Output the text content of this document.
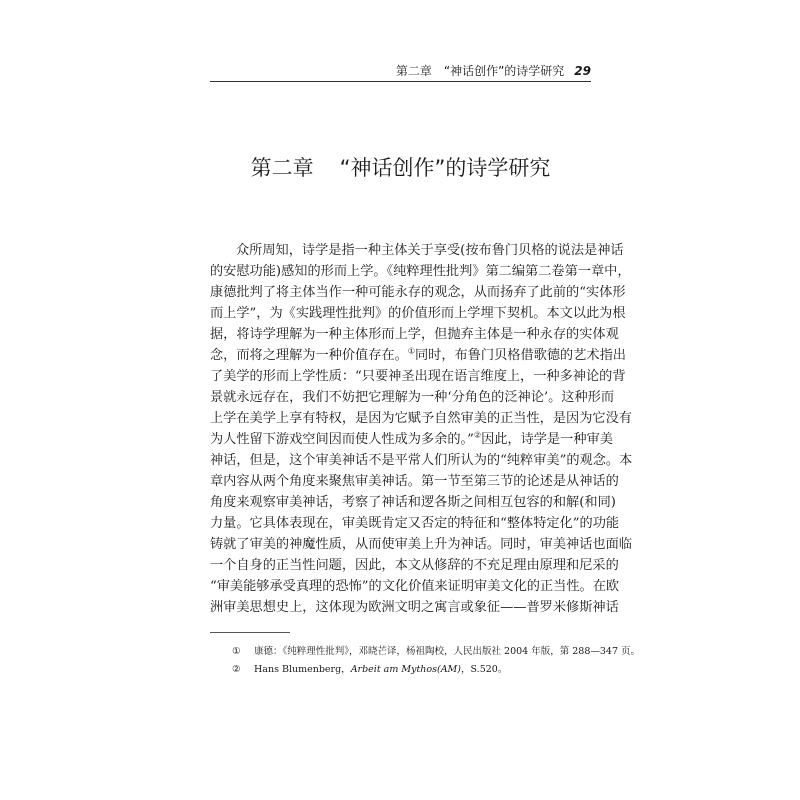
第二章　“神话创作”的诗学研究 29
第二章 “神话创作”的诗学研究
众所周知，诗学是指一种主体关于享受(按布鲁门贝格的说法是神话
的安慰功能)感知的形而上学。《纯粹理性批判》第二编第二卷第一章中，
康德批判了将主体当作一种可能永存的观念，从而扬弃了此前的“实体形
而上学”，为《实践理性批判》的价值形而上学埋下契机。本文以此为根
据，将诗学理解为一种主体形而上学，但抛弃主体是一种永存的实体观
念，而将之理解为一种价值存在。①同时，布鲁门贝格借歌德的艺术指出
了美学的形而上学性质：“只要神圣出现在语言维度上，一种多神论的背
景就永远存在，我们不妨把它理解为一种‘分角色的泛神论’。这种形而
上学在美学上享有特权，是因为它赋予自然审美的正当性，是因为它没有
为人性留下游戏空间因而使人性成为多余的。”②因此，诗学是一种审美
神话，但是，这个审美神话不是平常人们所认为的“纯粹审美”的观念。本
章内容从两个角度来聚焦审美神话。第一节至第三节的论述是从神话的
角度来观察审美神话，考察了神话和逻各斯之间相互包容的和解(和同)
力量。它具体表现在，审美既肯定又否定的特征和“整体特定化”的功能
铸就了审美的神魔性质，从而使审美上升为神话。同时，审美神话也面临
一个自身的正当性问题，因此，本文从修辞的不充足理由原理和尼采的
“审美能够承受真理的恐怖”的文化价值来证明审美文化的正当性。在欧
洲审美思想史上，这体现为欧洲文明之寓言或象征——普罗米修斯神话
① 康德：《纯粹理性批判》，邓晓芒译，杨祖陶校，人民出版社 2004 年版，第 288—347 页。
② Hans Blumenberg，Arbeit am Mythos(AM)，S.520。
